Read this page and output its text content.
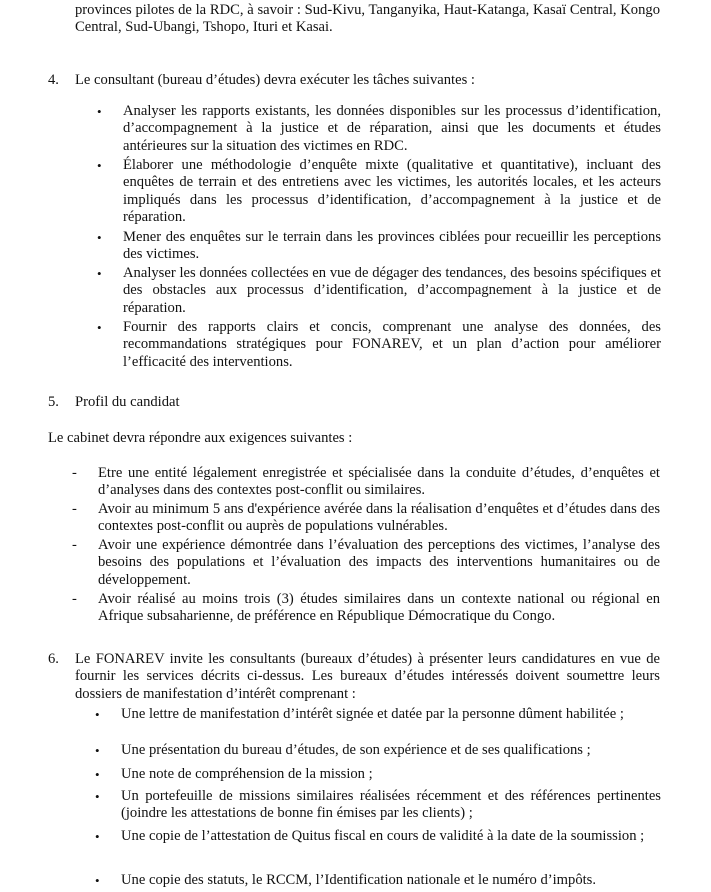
provinces pilotes de la RDC, à savoir : Sud-Kivu, Tanganyika, Haut-Katanga, Kasaï Central, Kongo Central, Sud-Ubangi, Tshopo, Ituri et Kasai.

4. Le consultant (bureau d’études) devra exécuter les tâches suivantes :

• Analyser les rapports existants, les données disponibles sur les processus d’identification, d’accompagnement à la justice et de réparation, ainsi que les documents et études antérieures sur la situation des victimes en RDC.
• Élaborer une méthodologie d’enquête mixte (qualitative et quantitative), incluant des enquêtes de terrain et des entretiens avec les victimes, les autorités locales, et les acteurs impliqués dans les processus d’identification, d’accompagnement à la justice et de réparation.
• Mener des enquêtes sur le terrain dans les provinces ciblées pour recueillir les perceptions des victimes.
• Analyser les données collectées en vue de dégager des tendances, des besoins spécifiques et des obstacles aux processus d’identification, d’accompagnement à la justice et de réparation.
• Fournir des rapports clairs et concis, comprenant une analyse des données, des recommandations stratégiques pour FONAREV, et un plan d’action pour améliorer l’efficacité des interventions.
5. Profil du candidat

Le cabinet devra répondre aux exigences suivantes :

- Etre une entité légalement enregistrée et spécialisée dans la conduite d’études, d’enquêtes et d’analyses dans des contextes post-conflit ou similaires.
- Avoir au minimum 5 ans d'expérience avérée dans la réalisation d’enquêtes et d’études dans des contextes post-conflit ou auprès de populations vulnérables.
- Avoir une expérience démontrée dans l’évaluation des perceptions des victimes, l’analyse des besoins des populations et l’évaluation des impacts des interventions humanitaires ou de développement.
- Avoir réalisé au moins trois (3) études similaires dans un contexte national ou régional en Afrique subsaharienne, de préférence en République Démocratique du Congo.
6. Le FONAREV invite les consultants (bureaux d’études) à présenter leurs candidatures en vue de fournir les services décrits ci-dessus. Les bureaux d’études intéressés doivent soumettre leurs dossiers de manifestation d’intérêt comprenant :

• Une lettre de manifestation d’intérêt signée et datée par la personne dûment habilitée ;
• Une présentation du bureau d’études, de son expérience et de ses qualifications ;
• Une note de compréhension de la mission ;
• Un portefeuille de missions similaires réalisées récemment et des références pertinentes (joindre les attestations de bonne fin émises par les clients) ;
• Une copie de l’attestation de Quitus fiscal en cours de validité à la date de la soumission ;
• Une copie des statuts, le RCCM, l’Identification nationale et le numéro d’impôts.
